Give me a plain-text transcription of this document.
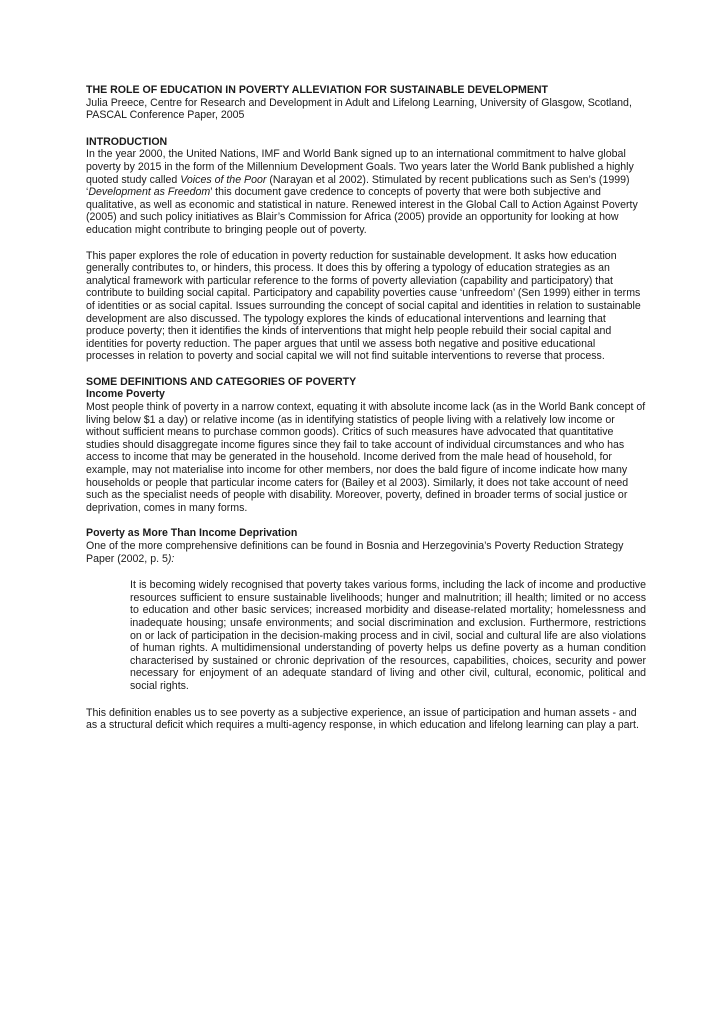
THE ROLE OF EDUCATION IN POVERTY ALLEVIATION FOR SUSTAINABLE DEVELOPMENT
Julia Preece, Centre for Research and Development in Adult and Lifelong Learning, University of Glasgow, Scotland, PASCAL Conference Paper, 2005
INTRODUCTION

In the year 2000, the United Nations, IMF and World Bank signed up to an international commitment to halve global poverty by 2015 in the form of the Millennium Development Goals. Two years later the World Bank published a highly quoted study called Voices of the Poor (Narayan et al 2002). Stimulated by recent publications such as Sen’s (1999) ‘Development as Freedom’ this document gave credence to concepts of poverty that were both subjective and qualitative, as well as economic and statistical in nature. Renewed interest in the Global Call to Action Against Poverty (2005) and such policy initiatives as Blair’s Commission for Africa (2005) provide an opportunity for looking at how education might contribute to bringing people out of poverty.

This paper explores the role of education in poverty reduction for sustainable development. It asks how education generally contributes to, or hinders, this process. It does this by offering a typology of education strategies as an analytical framework with particular reference to the forms of poverty alleviation (capability and participatory) that contribute to building social capital. Participatory and capability poverties cause ‘unfreedom’ (Sen 1999) either in terms of identities or as social capital. Issues surrounding the concept of social capital and identities in relation to sustainable development are also discussed. The typology explores the kinds of educational interventions and learning that produce poverty; then it identifies the kinds of interventions that might help people rebuild their social capital and identities for poverty reduction. The paper argues that until we assess both negative and positive educational processes in relation to poverty and social capital we will not find suitable interventions to reverse that process.

SOME DEFINITIONS AND CATEGORIES OF POVERTY
Income Poverty

Most people think of poverty in a narrow context, equating it with absolute income lack (as in the World Bank concept of living below $1 a day) or relative income (as in identifying statistics of people living with a relatively low income or without sufficient means to purchase common goods). Critics of such measures have advocated that quantitative studies should disaggregate income figures since they fail to take account of individual circumstances and who has access to income that may be generated in the household. Income derived from the male head of household, for example, may not materialise into income for other members, nor does the bald figure of income indicate how many households or people that particular income caters for (Bailey et al 2003). Similarly, it does not take account of need such as the specialist needs of people with disability. Moreover, poverty, defined in broader terms of social justice or deprivation, comes in many forms.

Poverty as More Than Income Deprivation

One of the more comprehensive definitions can be found in Bosnia and Herzegovinia’s Poverty Reduction Strategy Paper (2002, p. 5):

It is becoming widely recognised that poverty takes various forms, including the lack of income and productive resources sufficient to ensure sustainable livelihoods; hunger and malnutrition; ill health; limited or no access to education and other basic services; increased morbidity and disease-related mortality; homelessness and inadequate housing; unsafe environments; and social discrimination and exclusion. Furthermore, restrictions on or lack of participation in the decision-making process and in civil, social and cultural life are also violations of human rights. A multidimensional understanding of poverty helps us define poverty as a human condition characterised by sustained or chronic deprivation of the resources, capabilities, choices, security and power necessary for enjoyment of an adequate standard of living and other civil, cultural, economic, political and social rights.

This definition enables us to see poverty as a subjective experience, an issue of participation and human assets - and as a structural deficit which requires a multi-agency response, in which education and lifelong learning can play a part.
